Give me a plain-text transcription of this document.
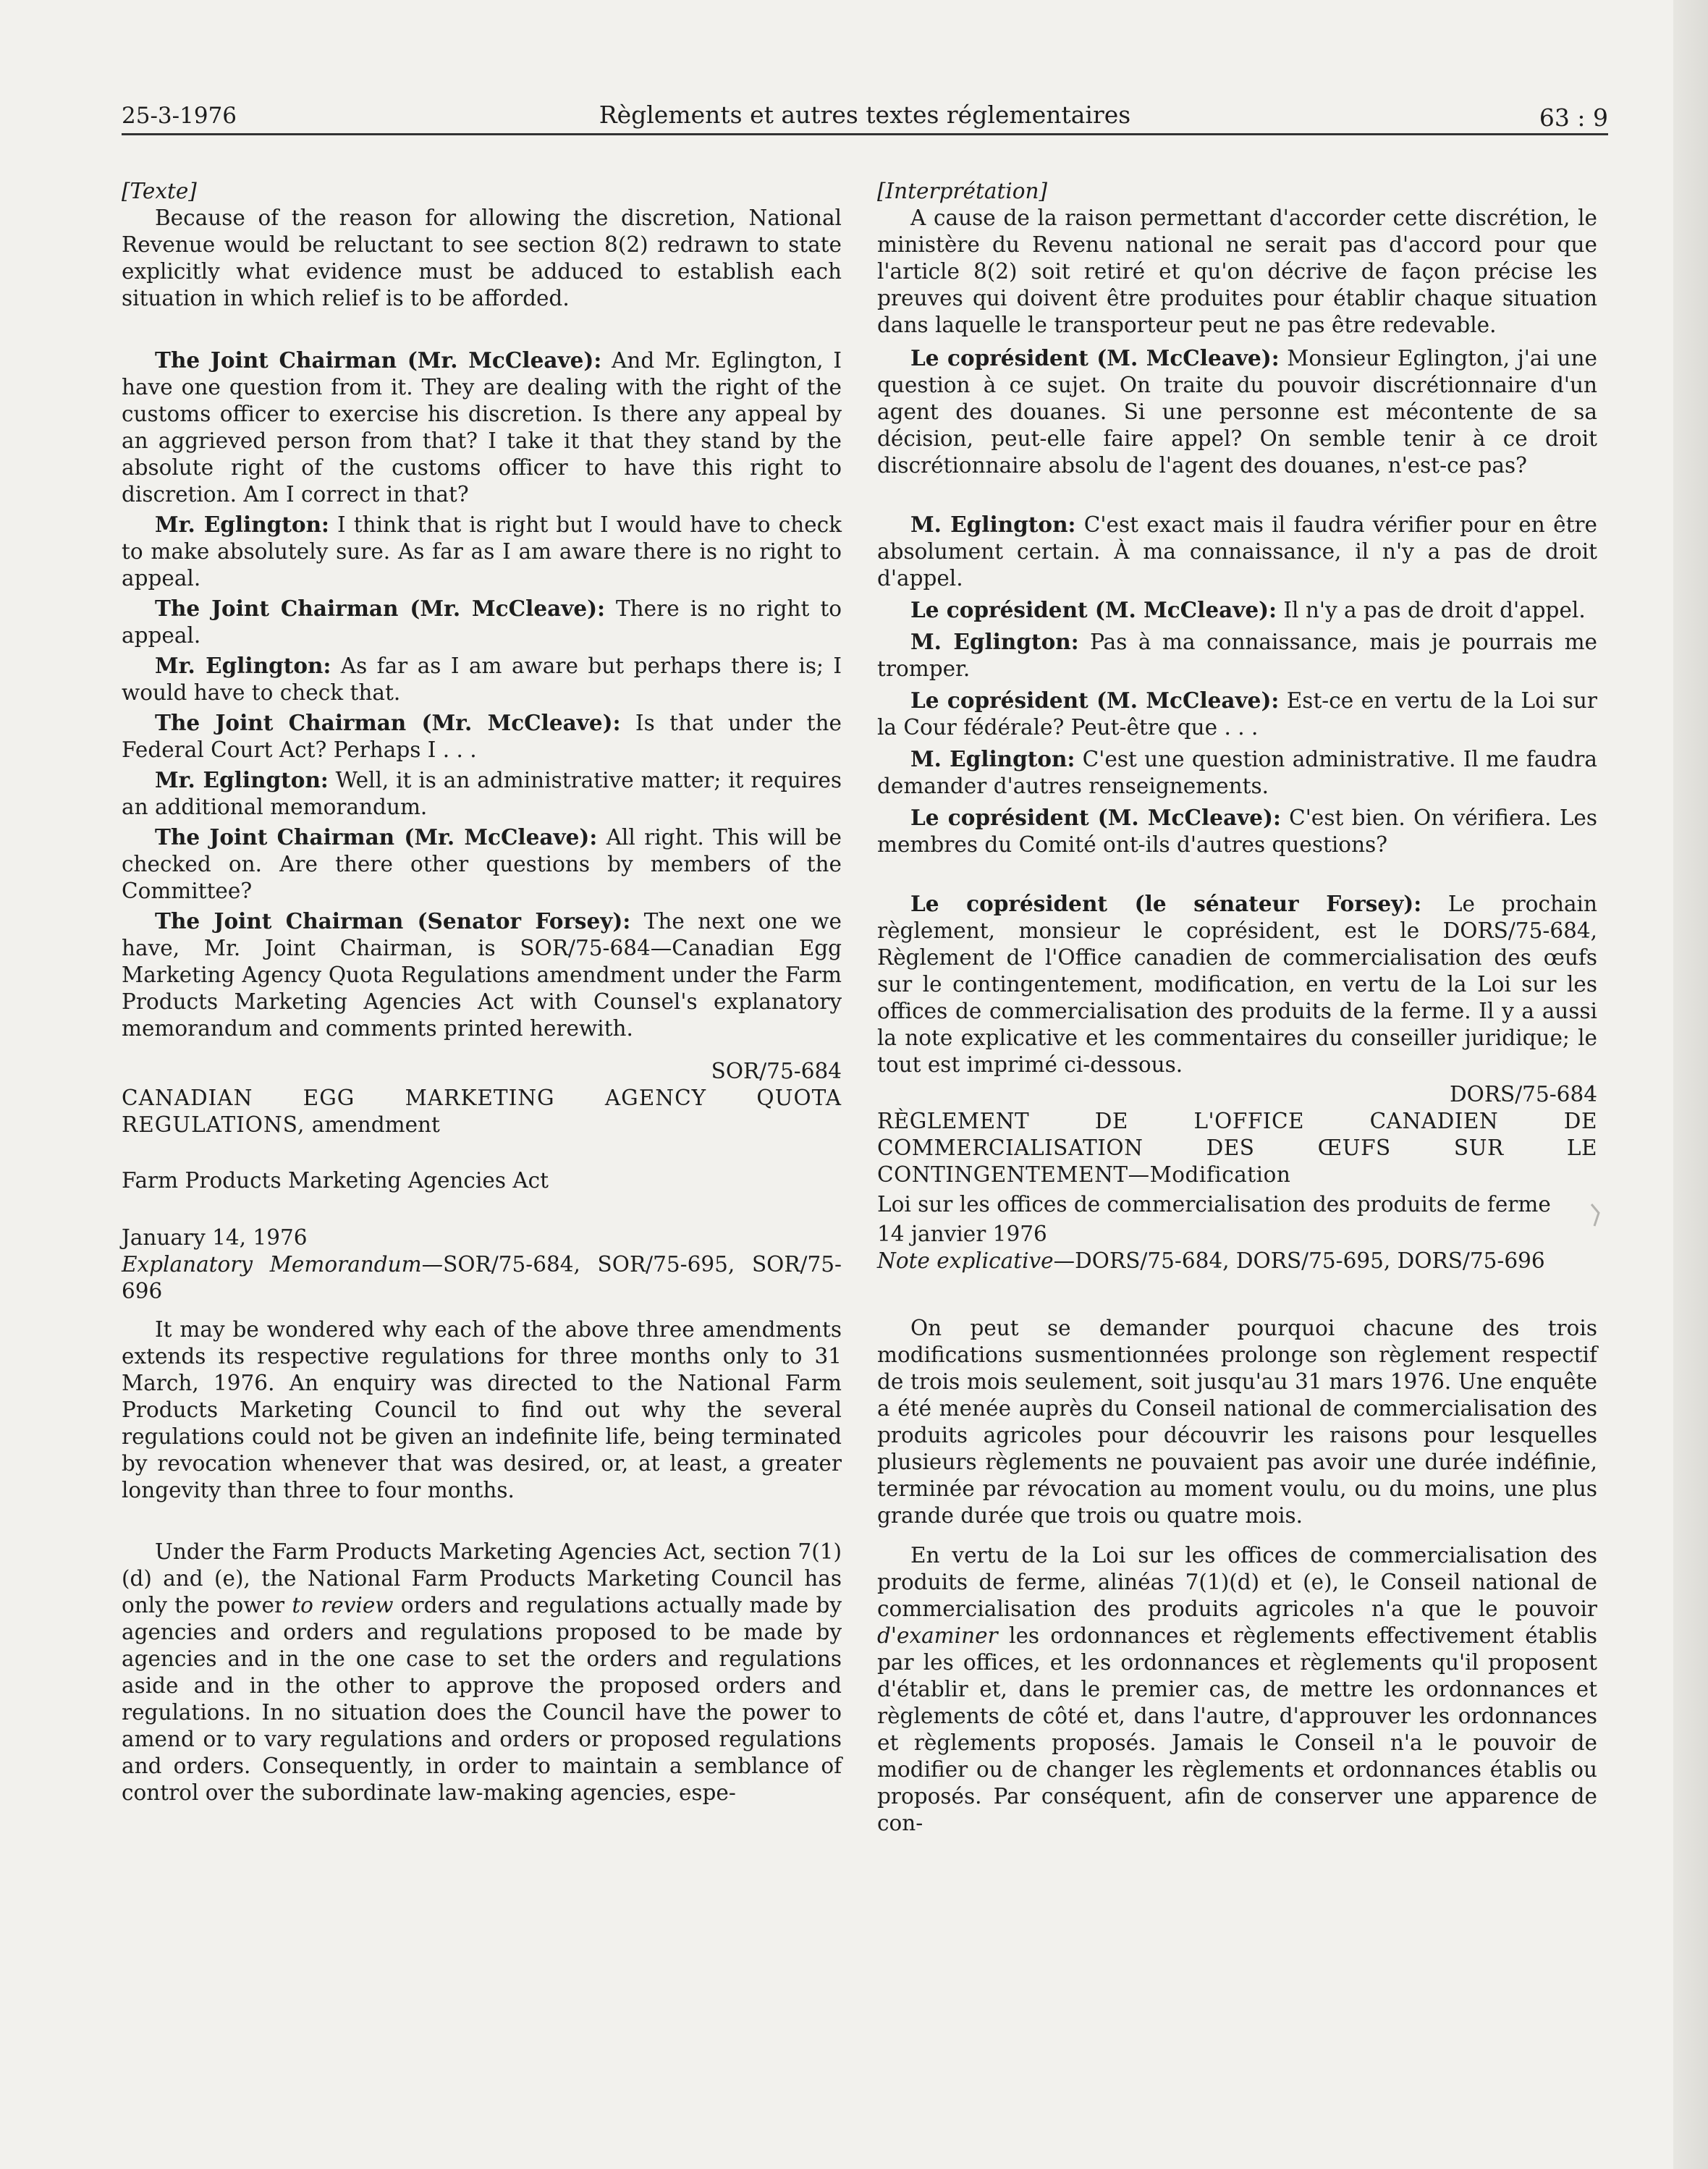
25-3-1976	Règlements et autres textes réglementaires	63 : 9

[Texte]

Because of the reason for allowing the discretion, National Revenue would be reluctant to see section 8(2) redrawn to state explicitly what evidence must be adduced to establish each situation in which relief is to be afforded.

The Joint Chairman (Mr. McCleave): And Mr. Eglington, I have one question from it. They are dealing with the right of the customs officer to exercise his discretion. Is there any appeal by an aggrieved person from that? I take it that they stand by the absolute right of the customs officer to have this right to discretion. Am I correct in that?

Mr. Eglington: I think that is right but I would have to check to make absolutely sure. As far as I am aware there is no right to appeal.

The Joint Chairman (Mr. McCleave): There is no right to appeal.

Mr. Eglington: As far as I am aware but perhaps there is; I would have to check that.

The Joint Chairman (Mr. McCleave): Is that under the Federal Court Act? Perhaps I . . .

Mr. Eglington: Well, it is an administrative matter; it requires an additional memorandum.

The Joint Chairman (Mr. McCleave): All right. This will be checked on. Are there other questions by members of the Committee?

The Joint Chairman (Senator Forsey): The next one we have, Mr. Joint Chairman, is SOR/75-684—Canadian Egg Marketing Agency Quota Regulations amendment under the Farm Products Marketing Agencies Act with Counsel's explanatory memorandum and comments printed herewith.

SOR/75-684

CANADIAN EGG MARKETING AGENCY QUOTA REGULATIONS, amendment

Farm Products Marketing Agencies Act

January 14, 1976

Explanatory Memorandum—SOR/75-684, SOR/75-695, SOR/75-696

It may be wondered why each of the above three amendments extends its respective regulations for three months only to 31 March, 1976. An enquiry was directed to the National Farm Products Marketing Council to find out why the several regulations could not be given an indefinite life, being terminated by revocation whenever that was desired, or, at least, a greater longevity than three to four months.

Under the Farm Products Marketing Agencies Act, section 7(1)(d) and (e), the National Farm Products Marketing Council has only the power to review orders and regulations actually made by agencies and orders and regulations proposed to be made by agencies and in the one case to set the orders and regulations aside and in the other to approve the proposed orders and regulations. In no situation does the Council have the power to amend or to vary regulations and orders or proposed regulations and orders. Consequently, in order to maintain a semblance of control over the subordinate law-making agencies, espe-

[Interprétation]

A cause de la raison permettant d'accorder cette discrétion, le ministère du Revenu national ne serait pas d'accord pour que l'article 8(2) soit retiré et qu'on décrive de façon précise les preuves qui doivent être produites pour établir chaque situation dans laquelle le transporteur peut ne pas être redevable.

Le coprésident (M. McCleave): Monsieur Eglington, j'ai une question à ce sujet. On traite du pouvoir discrétionnaire d'un agent des douanes. Si une personne est mécontente de sa décision, peut-elle faire appel? On semble tenir à ce droit discrétionnaire absolu de l'agent des douanes, n'est-ce pas?

M. Eglington: C'est exact mais il faudra vérifier pour en être absolument certain. À ma connaissance, il n'y a pas de droit d'appel.

Le coprésident (M. McCleave): Il n'y a pas de droit d'appel.

M. Eglington: Pas à ma connaissance, mais je pourrais me tromper.

Le coprésident (M. McCleave): Est-ce en vertu de la Loi sur la Cour fédérale? Peut-être que . . .

M. Eglington: C'est une question administrative. Il me faudra demander d'autres renseignements.

Le coprésident (M. McCleave): C'est bien. On vérifiera. Les membres du Comité ont-ils d'autres questions?

Le coprésident (le sénateur Forsey): Le prochain règlement, monsieur le coprésident, est le DORS/75-684, Règlement de l'Office canadien de commercialisation des œufs sur le contingentement, modification, en vertu de la Loi sur les offices de commercialisation des produits de la ferme. Il y a aussi la note explicative et les commentaires du conseiller juridique; le tout est imprimé ci-dessous.

DORS/75-684

RÈGLEMENT DE L'OFFICE CANADIEN DE COMMERCIALISATION DES ŒUFS SUR LE CONTINGENTEMENT—Modification

Loi sur les offices de commercialisation des produits de ferme

14 janvier 1976

Note explicative—DORS/75-684, DORS/75-695, DORS/75-696

On peut se demander pourquoi chacune des trois modifications susmentionnées prolonge son règlement respectif de trois mois seulement, soit jusqu'au 31 mars 1976. Une enquête a été menée auprès du Conseil national de commercialisation des produits agricoles pour découvrir les raisons pour lesquelles plusieurs règlements ne pouvaient pas avoir une durée indéfinie, terminée par révocation au moment voulu, ou du moins, une plus grande durée que trois ou quatre mois.

En vertu de la Loi sur les offices de commercialisation des produits de ferme, alinéas 7(1)(d) et (e), le Conseil national de commercialisation des produits agricoles n'a que le pouvoir d'examiner les ordonnances et règlements effectivement établis par les offices, et les ordonnances et règlements qu'il proposent d'établir et, dans le premier cas, de mettre les ordonnances et règlements de côté et, dans l'autre, d'approuver les ordonnances et règlements proposés. Jamais le Conseil n'a le pouvoir de modifier ou de changer les règlements et ordonnances établis ou proposés. Par conséquent, afin de conserver une apparence de con-
